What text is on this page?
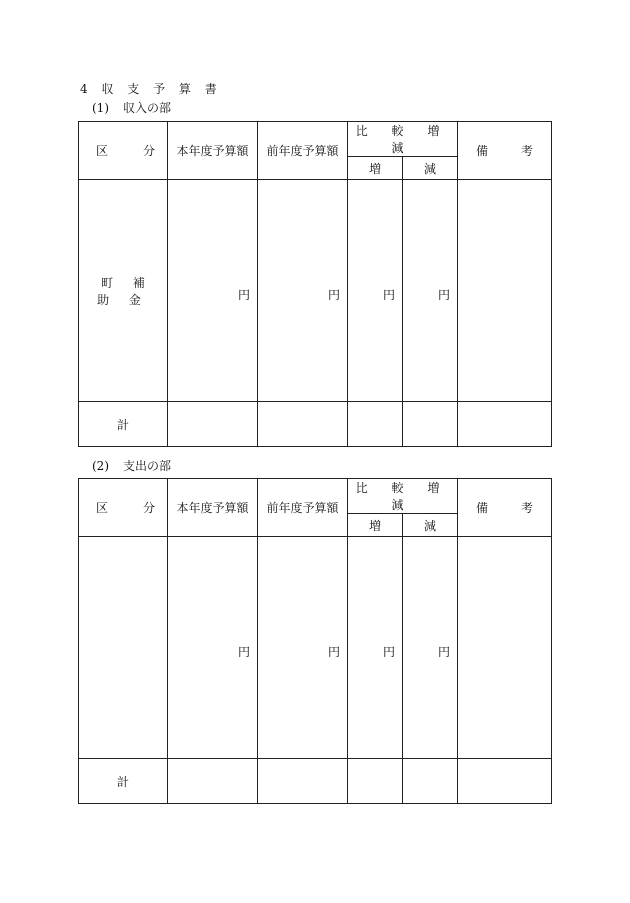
4 収 支 予 算 書
(1) 収入の部
区 分	本年度予算額	前年度予算額	比 較 増 減		備 考

			増	減	
町 補 助 金	円	円	円	円	

計					
(2) 支出の部
区 分	本年度予算額	前年度予算額	比 較 増 減		備 考

			増	減	

	円	円	円	円	

計					
